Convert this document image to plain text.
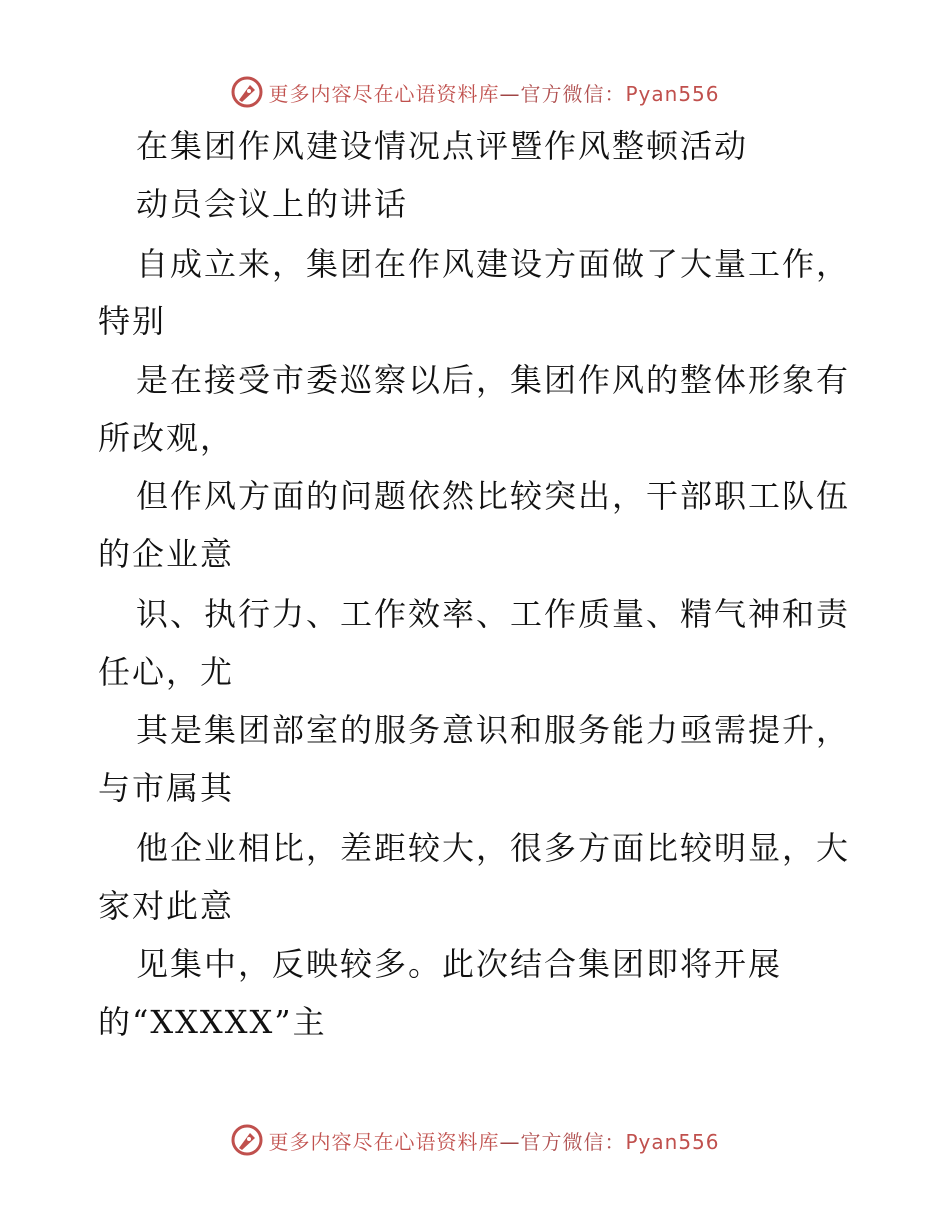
更多内容尽在心语资料库—官方微信：Pyan556
在集团作风建设情况点评暨作风整顿活动
动员会议上的讲话
自成立来，集团在作风建设方面做了大量工作，
特别
是在接受市委巡察以后，集团作风的整体形象有
所改观，
但作风方面的问题依然比较突出，干部职工队伍
的企业意
识、执行力、工作效率、工作质量、精气神和责
任心，尤
其是集团部室的服务意识和服务能力亟需提升，
与市属其
他企业相比，差距较大，很多方面比较明显，大
家对此意
见集中，反映较多。此次结合集团即将开展
的“XXXXX”主
更多内容尽在心语资料库—官方微信：Pyan556
